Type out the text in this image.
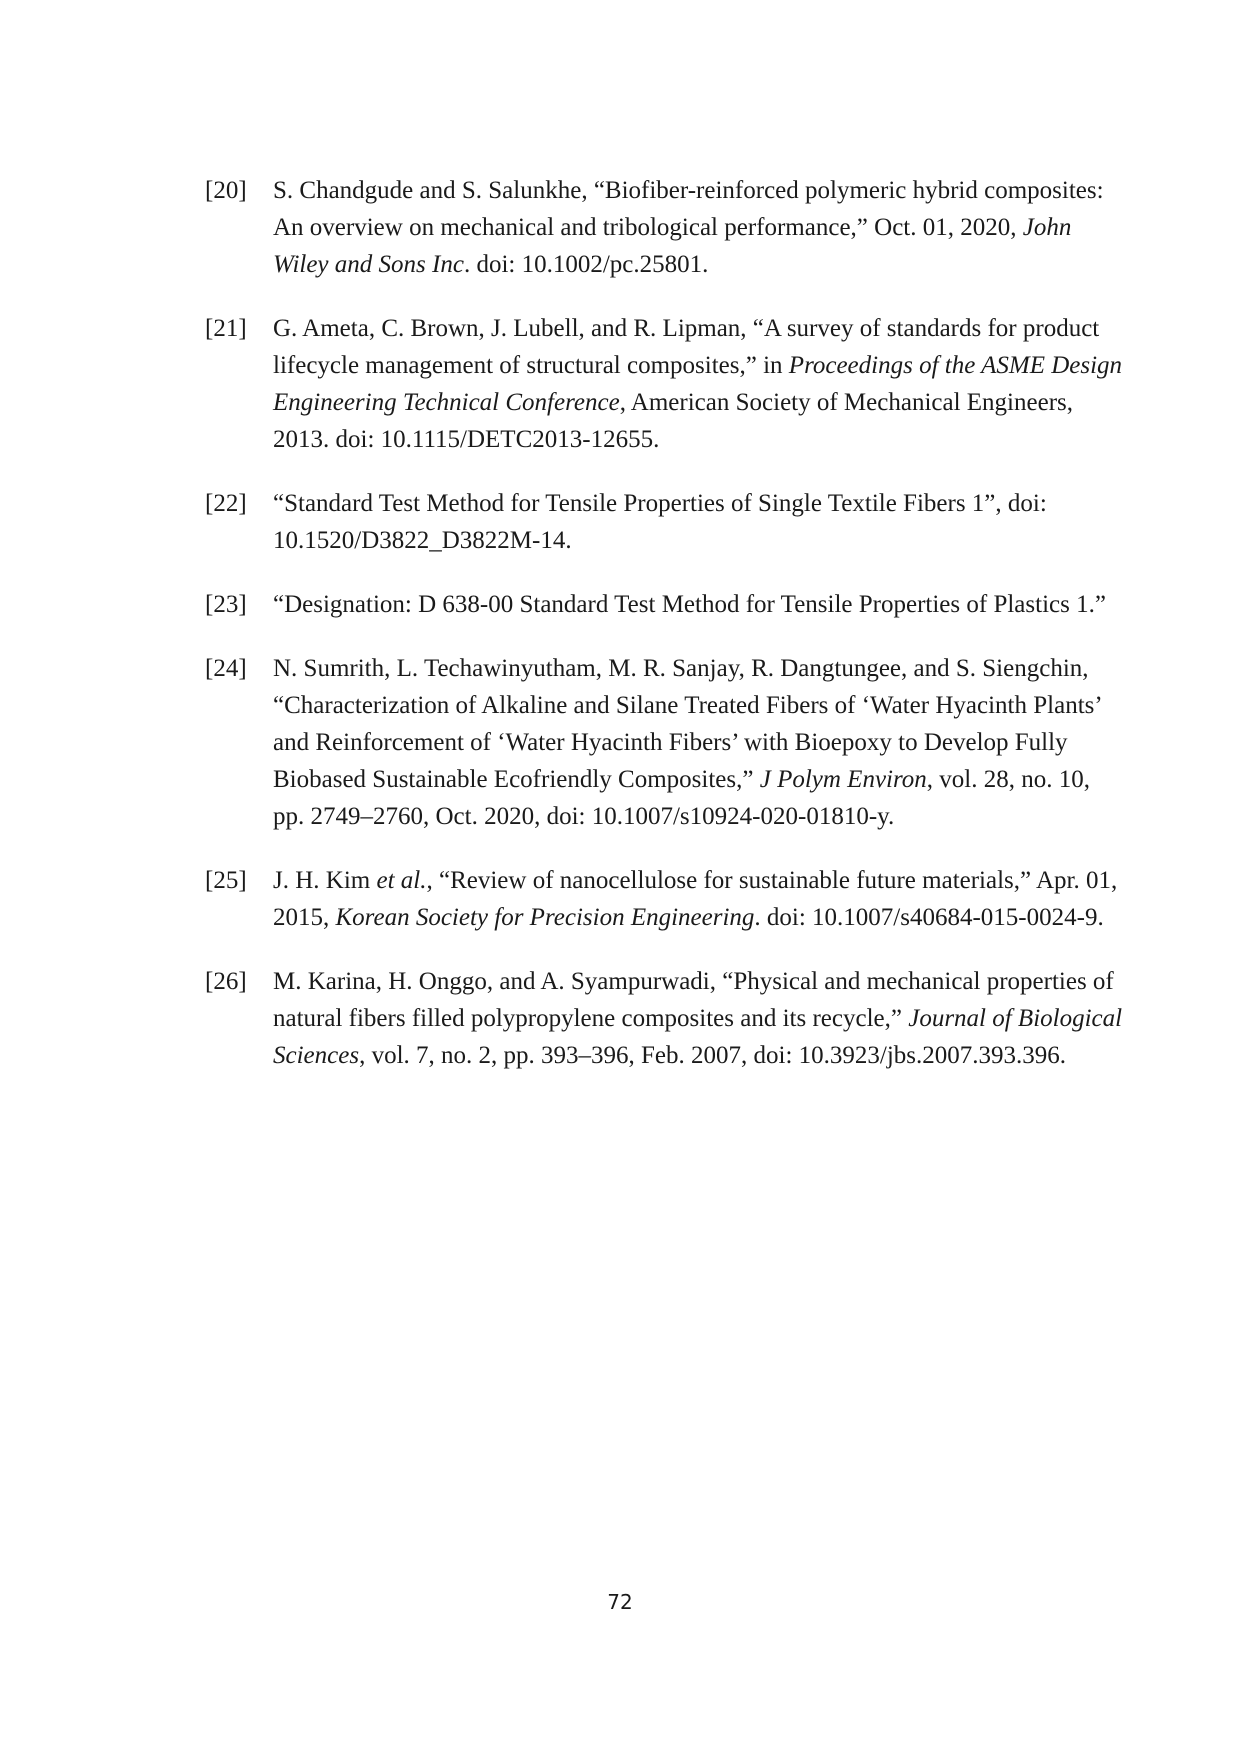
[20]	S. Chandgude and S. Salunkhe, “Biofiber-reinforced polymeric hybrid composites: An overview on mechanical and tribological performance,” Oct. 01, 2020, John Wiley and Sons Inc. doi: 10.1002/pc.25801.
[21]	G. Ameta, C. Brown, J. Lubell, and R. Lipman, “A survey of standards for product lifecycle management of structural composites,” in Proceedings of the ASME Design Engineering Technical Conference, American Society of Mechanical Engineers, 2013. doi: 10.1115/DETC2013-12655.
[22]	“Standard Test Method for Tensile Properties of Single Textile Fibers 1”, doi: 10.1520/D3822_D3822M-14.
[23]	“Designation: D 638-00 Standard Test Method for Tensile Properties of Plastics 1.”
[24]	N. Sumrith, L. Techawinyutham, M. R. Sanjay, R. Dangtungee, and S. Siengchin, “Characterization of Alkaline and Silane Treated Fibers of ‘Water Hyacinth Plants’ and Reinforcement of ‘Water Hyacinth Fibers’ with Bioepoxy to Develop Fully Biobased Sustainable Ecofriendly Composites,” J Polym Environ, vol. 28, no. 10, pp. 2749–2760, Oct. 2020, doi: 10.1007/s10924-020-01810-y.
[25]	J. H. Kim et al., “Review of nanocellulose for sustainable future materials,” Apr. 01, 2015, Korean Society for Precision Engineering. doi: 10.1007/s40684-015-0024-9.
[26]	M. Karina, H. Onggo, and A. Syampurwadi, “Physical and mechanical properties of natural fibers filled polypropylene composites and its recycle,” Journal of Biological Sciences, vol. 7, no. 2, pp. 393–396, Feb. 2007, doi: 10.3923/jbs.2007.393.396.
72
